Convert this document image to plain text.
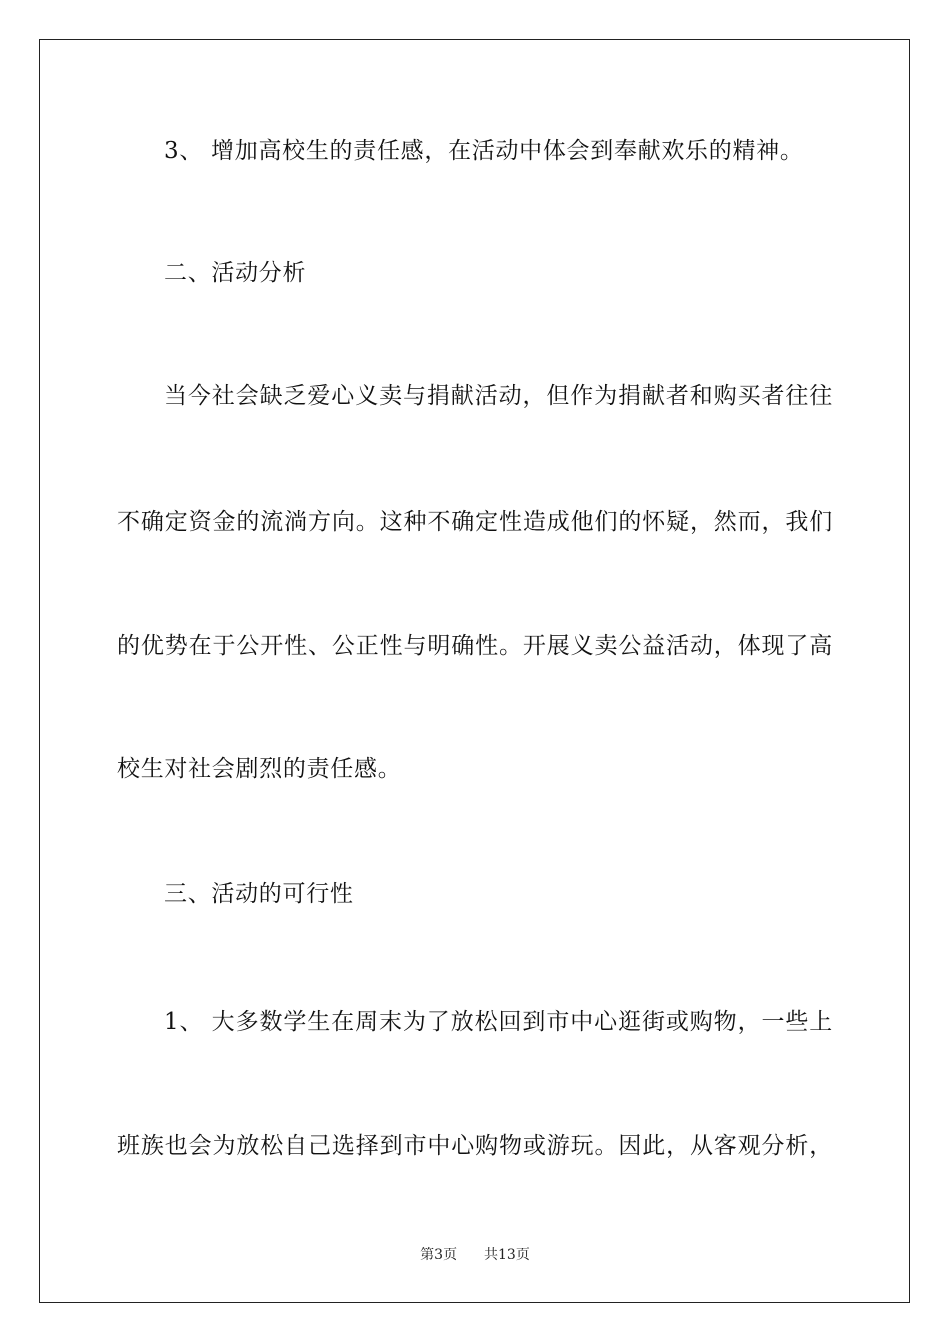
3、 增加高校生的责任感，在活动中体会到奉献欢乐的精神。
二、活动分析
当今社会缺乏爱心义卖与捐献活动，但作为捐献者和购买者往往
不确定资金的流淌方向。这种不确定性造成他们的怀疑，然而，我们
的优势在于公开性、公正性与明确性。开展义卖公益活动，体现了高
校生对社会剧烈的责任感。
三、活动的可行性
1、 大多数学生在周末为了放松回到市中心逛街或购物，一些上
班族也会为放松自己选择到市中心购物或游玩。因此，从客观分析，
第3页 共13页
